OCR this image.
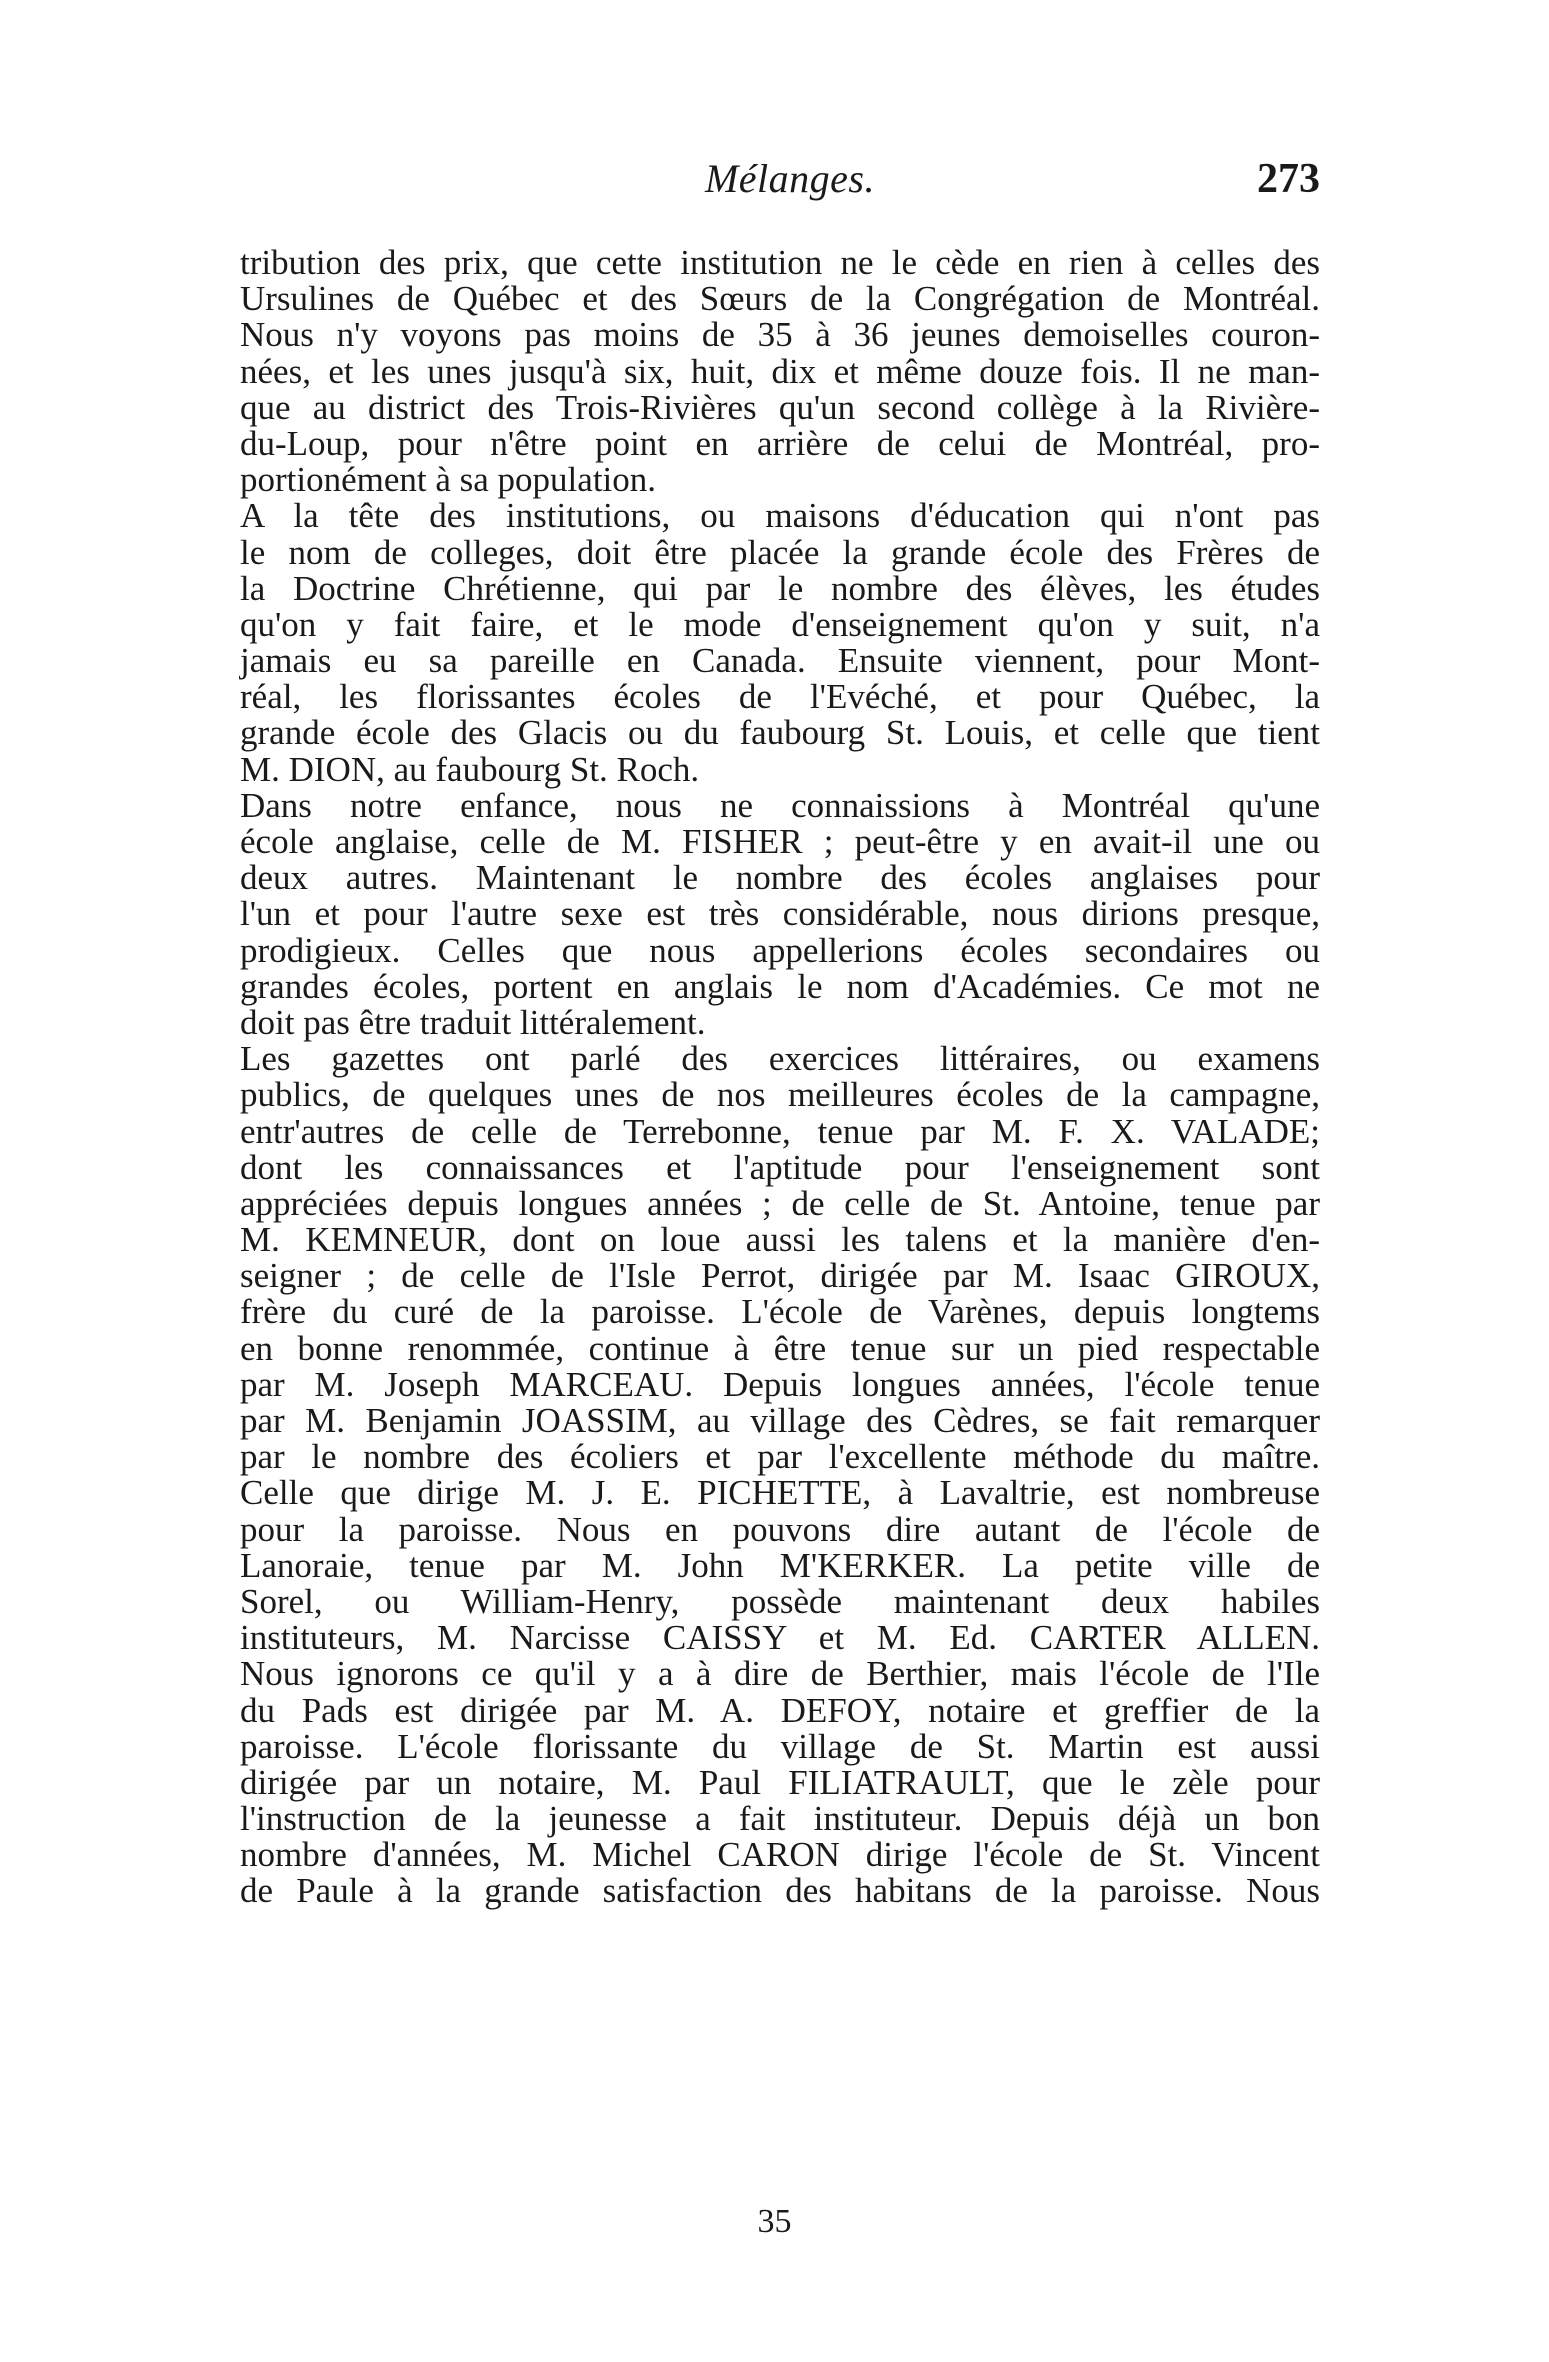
Mélanges.	273
tribution des prix, que cette institution ne le cède en rien à celles des
Ursulines de Québec et des Sœurs de la Congrégation de Montréal.
Nous n'y voyons pas moins de 35 à 36 jeunes demoiselles couron-
nées, et les unes jusqu'à six, huit, dix et même douze fois. Il ne man-
que au district des Trois-Rivières qu'un second collège à la Rivière-
du-Loup, pour n'être point en arrière de celui de Montréal, pro-
portionément à sa population.
A la tête des institutions, ou maisons d'éducation qui n'ont pas
le nom de colleges, doit être placée la grande école des Frères de
la Doctrine Chrétienne, qui par le nombre des élèves, les études
qu'on y fait faire, et le mode d'enseignement qu'on y suit, n'a
jamais eu sa pareille en Canada. Ensuite viennent, pour Mont-
réal, les florissantes écoles de l'Evéché, et pour Québec, la
grande école des Glacis ou du faubourg St. Louis, et celle que tient
M. DION, au faubourg St. Roch.
Dans notre enfance, nous ne connaissions à Montréal qu'une
école anglaise, celle de M. FISHER ; peut-être y en avait-il une ou
deux autres. Maintenant le nombre des écoles anglaises pour
l'un et pour l'autre sexe est très considérable, nous dirions presque,
prodigieux. Celles que nous appellerions écoles secondaires ou
grandes écoles, portent en anglais le nom d'Académies. Ce mot ne
doit pas être traduit littéralement.
Les gazettes ont parlé des exercices littéraires, ou examens
publics, de quelques unes de nos meilleures écoles de la campagne,
entr'autres de celle de Terrebonne, tenue par M. F. X. VALADE;
dont les connaissances et l'aptitude pour l'enseignement sont
appréciées depuis longues années ; de celle de St. Antoine, tenue par
M. KEMNEUR, dont on loue aussi les talens et la manière d'en-
seigner ; de celle de l'Isle Perrot, dirigée par M. Isaac GIROUX,
frère du curé de la paroisse. L'école de Varènes, depuis longtems
en bonne renommée, continue à être tenue sur un pied respectable
par M. Joseph MARCEAU. Depuis longues années, l'école tenue
par M. Benjamin JOASSIM, au village des Cèdres, se fait remarquer
par le nombre des écoliers et par l'excellente méthode du maître.
Celle que dirige M. J. E. PICHETTE, à Lavaltrie, est nombreuse
pour la paroisse. Nous en pouvons dire autant de l'école de
Lanoraie, tenue par M. John M'KERKER. La petite ville de
Sorel, ou William-Henry, possède maintenant deux habiles
instituteurs, M. Narcisse CAISSY et M. Ed. CARTER ALLEN.
Nous ignorons ce qu'il y a à dire de Berthier, mais l'école de l'Ile
du Pads est dirigée par M. A. DEFOY, notaire et greffier de la
paroisse. L'école florissante du village de St. Martin est aussi
dirigée par un notaire, M. Paul FILIATRAULT, que le zèle pour
l'instruction de la jeunesse a fait instituteur. Depuis déjà un bon
nombre d'années, M. Michel CARON dirige l'école de St. Vincent
de Paule à la grande satisfaction des habitans de la paroisse. Nous
35
